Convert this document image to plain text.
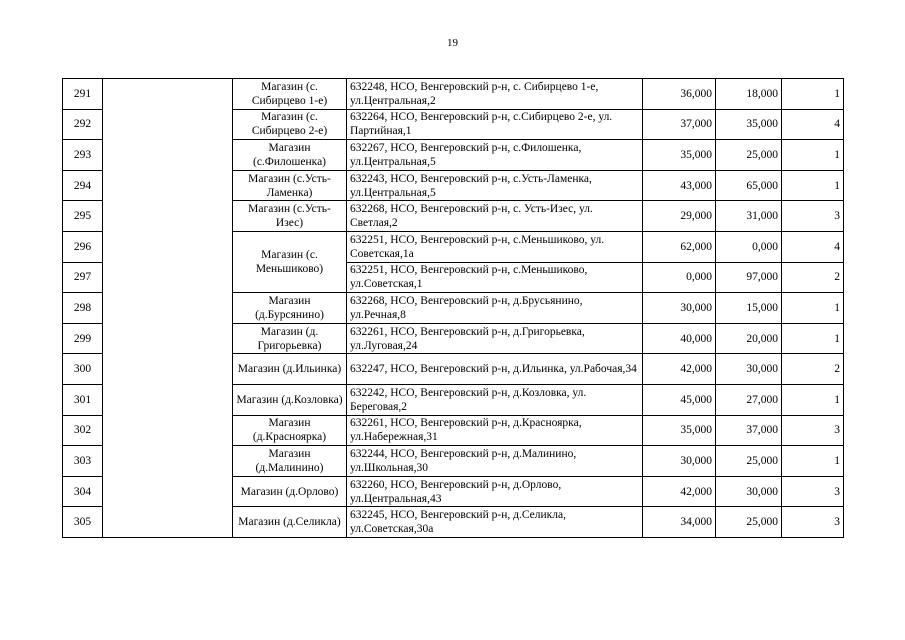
19
291		Магазин (с. Сибирцево 1-е)	632248, НСО, Венгеровский р-н, с. Сибирцево 1-е, ул.Центральная,2	36,000	18,000	1
292		Магазин (с. Сибирцево 2-е)	632264, НСО, Венгеровский р-н, с.Сибирцево 2-е, ул. Партийная,1	37,000	35,000	4
293		Магазин (с.Филошенка)	632267, НСО, Венгеровский р-н, с.Филошенка, ул.Центральная,5	35,000	25,000	1
294		Магазин (с.Усть-Ламенка)	632243, НСО, Венгеровский р-н, с.Усть-Ламенка, ул.Центральная,5	43,000	65,000	1
295		Магазин (с.Усть-Изес)	632268, НСО, Венгеровский р-н, с. Усть-Изес, ул. Светлая,2	29,000	31,000	3
296		Магазин (с. Меньшиково)	632251, НСО, Венгеровский р-н, с.Меньшиково, ул. Советская,1а	62,000	0,000	4
297			632251, НСО, Венгеровский р-н, с.Меньшиково, ул.Советская,1	0,000	97,000	2
298		Магазин (д.Бурсянино)	632268, НСО, Венгеровский р-н, д.Брусьянино, ул.Речная,8	30,000	15,000	1
299		Магазин (д. Григорьевка)	632261, НСО, Венгеровский р-н, д.Григорьевка, ул.Луговая,24	40,000	20,000	1
300		Магазин (д.Ильинка)	632247, НСО, Венгеровский р-н, д.Ильинка, ул.Рабочая,34	42,000	30,000	2
301		Магазин (д.Козловка)	632242, НСО, Венгеровский р-н, д.Козловка, ул. Береговая,2	45,000	27,000	1
302		Магазин (д.Красноярка)	632261, НСО, Венгеровский р-н, д.Красноярка, ул.Набережная,31	35,000	37,000	3
303		Магазин (д.Малинино)	632244, НСО, Венгеровский р-н, д.Малинино, ул.Школьная,30	30,000	25,000	1
304		Магазин (д.Орлово)	632260, НСО, Венгеровский р-н, д.Орлово, ул.Центральная,43	42,000	30,000	3
305		Магазин (д.Селикла)	632245, НСО, Венгеровский р-н, д.Селикла, ул.Советская,30а	34,000	25,000	3
